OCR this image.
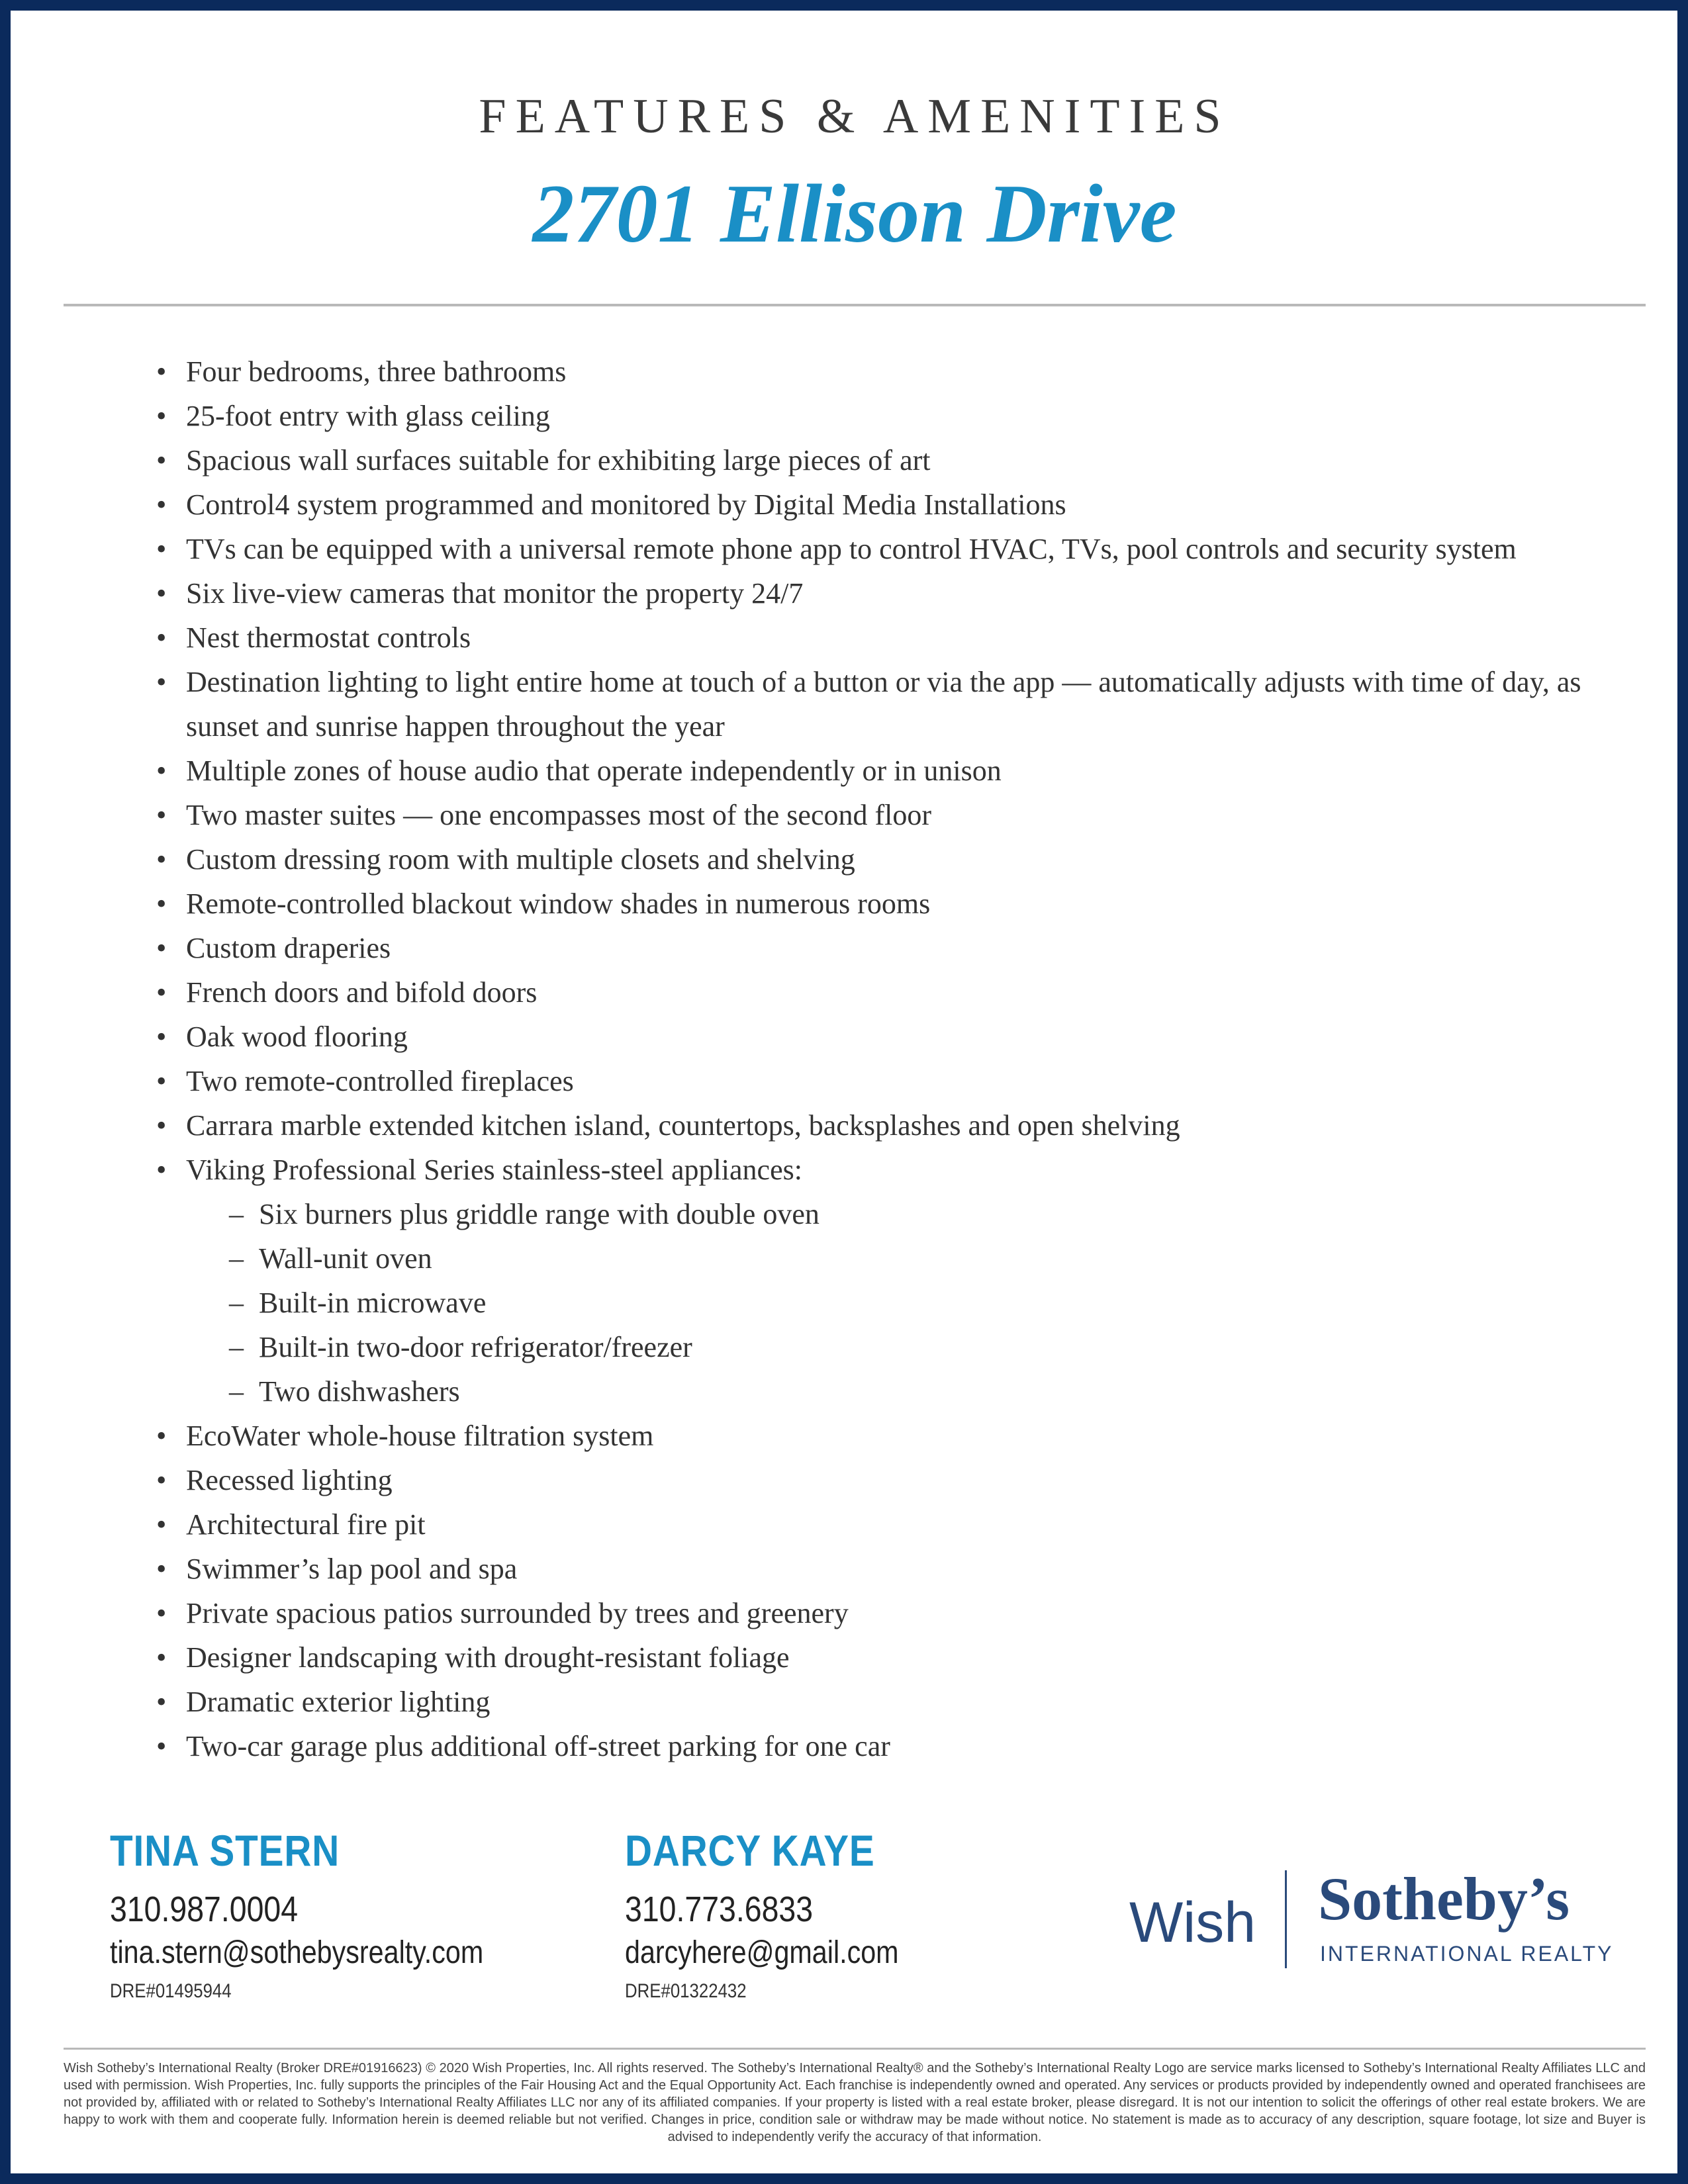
FEATURES & AMENITIES
2701 Ellison Drive
• Four bedrooms, three bathrooms
• 25-foot entry with glass ceiling
• Spacious wall surfaces suitable for exhibiting large pieces of art
• Control4 system programmed and monitored by Digital Media Installations
• TVs can be equipped with a universal remote phone app to control HVAC, TVs, pool controls and security system
• Six live-view cameras that monitor the property 24/7
• Nest thermostat controls
• Destination lighting to light entire home at touch of a button or via the app — automatically adjusts with time of day, as sunset and sunrise happen throughout the year
• Multiple zones of house audio that operate independently or in unison
• Two master suites — one encompasses most of the second floor
• Custom dressing room with multiple closets and shelving
• Remote-controlled blackout window shades in numerous rooms
• Custom draperies
• French doors and bifold doors
• Oak wood flooring
• Two remote-controlled fireplaces
• Carrara marble extended kitchen island, countertops, backsplashes and open shelving
• Viking Professional Series stainless-steel appliances:
– Six burners plus griddle range with double oven
– Wall-unit oven
– Built-in microwave
– Built-in two-door refrigerator/freezer
– Two dishwashers
• EcoWater whole-house filtration system
• Recessed lighting
• Architectural fire pit
• Swimmer’s lap pool and spa
• Private spacious patios surrounded by trees and greenery
• Designer landscaping with drought-resistant foliage
• Dramatic exterior lighting
• Two-car garage plus additional off-street parking for one car
TINA STERN
310.987.0004
tina.stern@sothebysrealty.com
DRE#01495944
DARCY KAYE
310.773.6833
darcyhere@gmail.com
DRE#01322432
Wish Sotheby’s
INTERNATIONAL REALTY
Wish Sotheby’s International Realty (Broker DRE#01916623) © 2020 Wish Properties, Inc. All rights reserved. The Sotheby’s International Realty® and the Sotheby’s International Realty Logo are service marks licensed to Sotheby’s International Realty Affiliates LLC and used with permission. Wish Properties, Inc. fully supports the principles of the Fair Housing Act and the Equal Opportunity Act. Each franchise is independently owned and operated. Any services or products provided by independently owned and operated franchisees are not provided by, affiliated with or related to Sotheby’s International Realty Affiliates LLC nor any of its affiliated companies. If your property is listed with a real estate broker, please disregard. It is not our intention to solicit the offerings of other real estate brokers. We are happy to work with them and cooperate fully. Information herein is deemed reliable but not verified. Changes in price, condition sale or withdraw may be made without notice. No statement is made as to accuracy of any description, square footage, lot size and Buyer is advised to independently verify the accuracy of that information.
